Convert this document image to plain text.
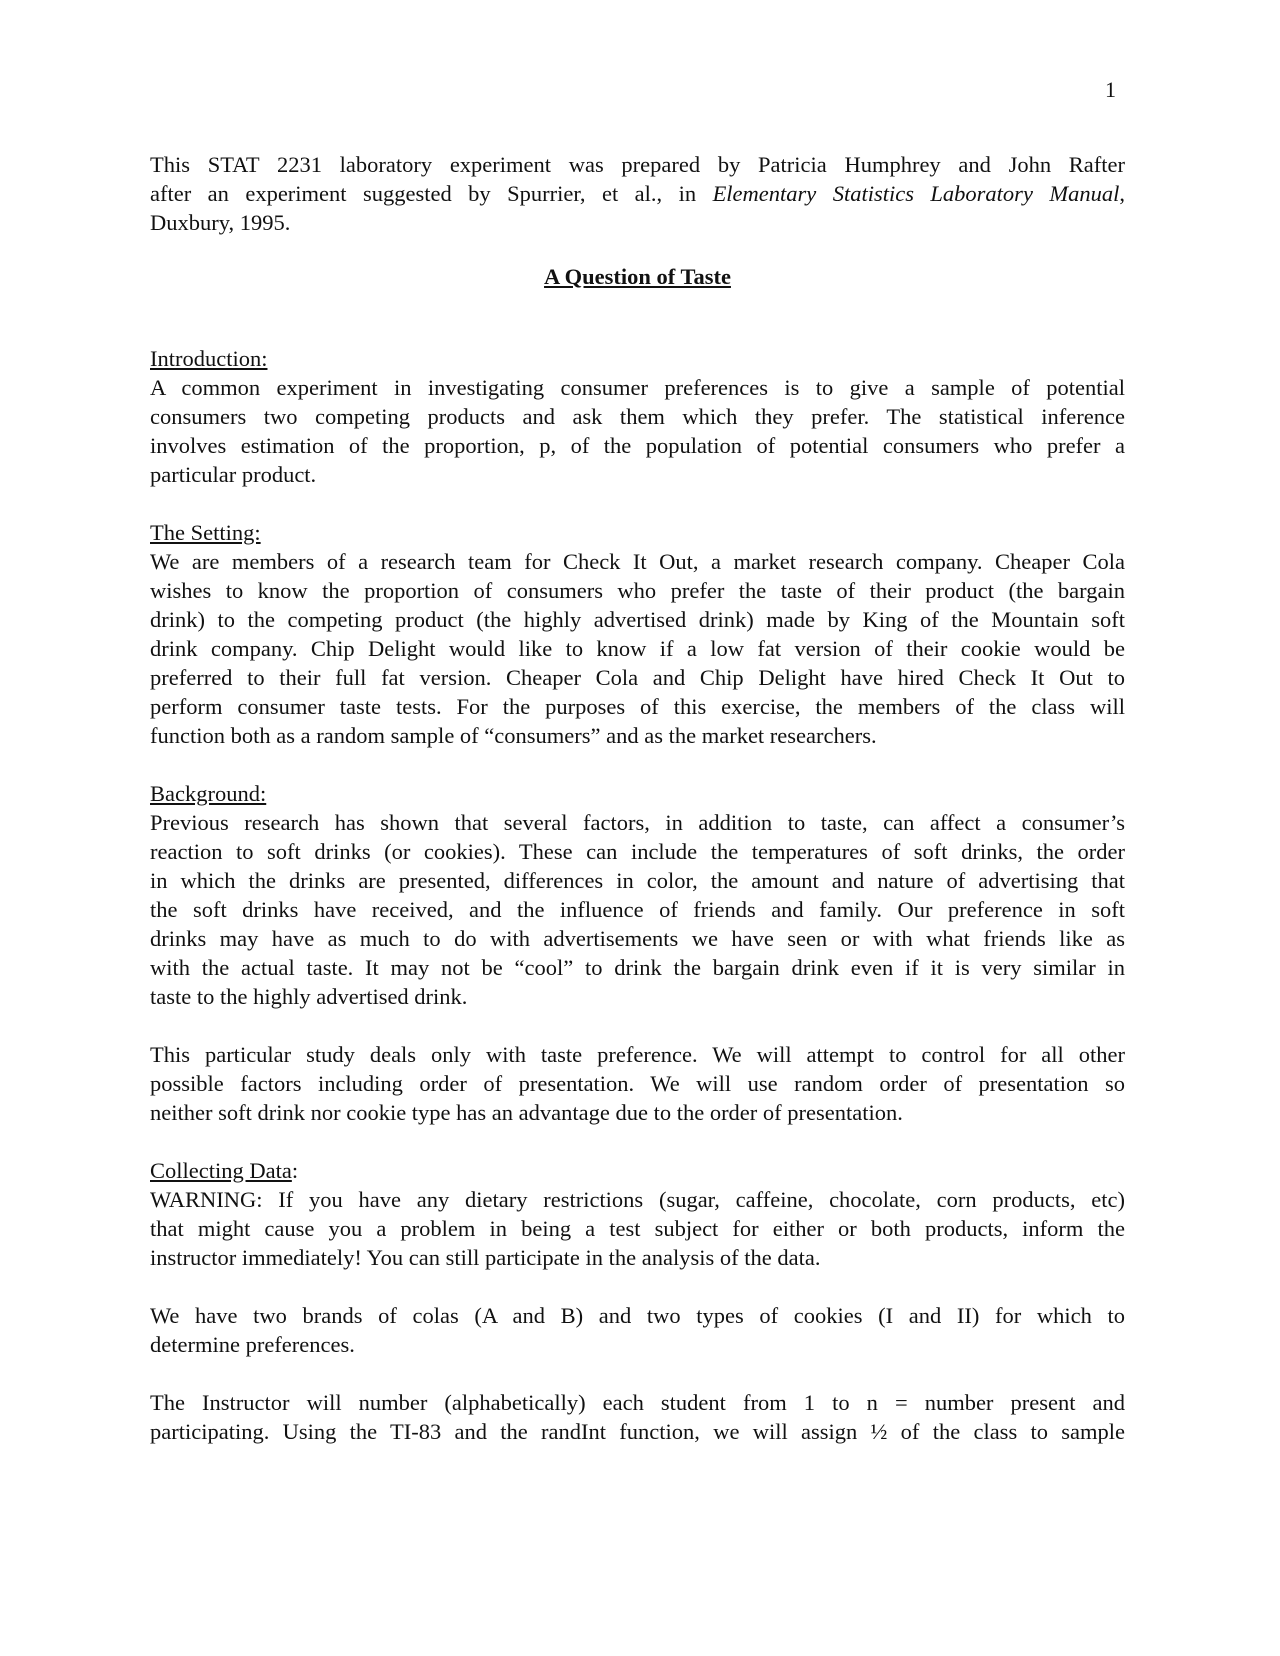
1
This STAT 2231 laboratory experiment was prepared by Patricia Humphrey and John Rafter
after an experiment suggested by Spurrier, et al., in Elementary Statistics Laboratory Manual,
Duxbury, 1995.
A Question of Taste
Introduction:
A common experiment in investigating consumer preferences is to give a sample of potential
consumers two competing products and ask them which they prefer. The statistical inference
involves estimation of the proportion, p, of the population of potential consumers who prefer a
particular product.
The Setting:
We are members of a research team for Check It Out, a market research company. Cheaper Cola
wishes to know the proportion of consumers who prefer the taste of their product (the bargain
drink) to the competing product (the highly advertised drink) made by King of the Mountain soft
drink company. Chip Delight would like to know if a low fat version of their cookie would be
preferred to their full fat version. Cheaper Cola and Chip Delight have hired Check It Out to
perform consumer taste tests. For the purposes of this exercise, the members of the class will
function both as a random sample of “consumers” and as the market researchers.
Background:
Previous research has shown that several factors, in addition to taste, can affect a consumer’s
reaction to soft drinks (or cookies). These can include the temperatures of soft drinks, the order
in which the drinks are presented, differences in color, the amount and nature of advertising that
the soft drinks have received, and the influence of friends and family. Our preference in soft
drinks may have as much to do with advertisements we have seen or with what friends like as
with the actual taste. It may not be “cool” to drink the bargain drink even if it is very similar in
taste to the highly advertised drink.
This particular study deals only with taste preference. We will attempt to control for all other
possible factors including order of presentation. We will use random order of presentation so
neither soft drink nor cookie type has an advantage due to the order of presentation.
Collecting Data:
WARNING: If you have any dietary restrictions (sugar, caffeine, chocolate, corn products, etc)
that might cause you a problem in being a test subject for either or both products, inform the
instructor immediately! You can still participate in the analysis of the data.
We have two brands of colas (A and B) and two types of cookies (I and II) for which to
determine preferences.
The Instructor will number (alphabetically) each student from 1 to n = number present and
participating. Using the TI-83 and the randInt function, we will assign ½ of the class to sample
